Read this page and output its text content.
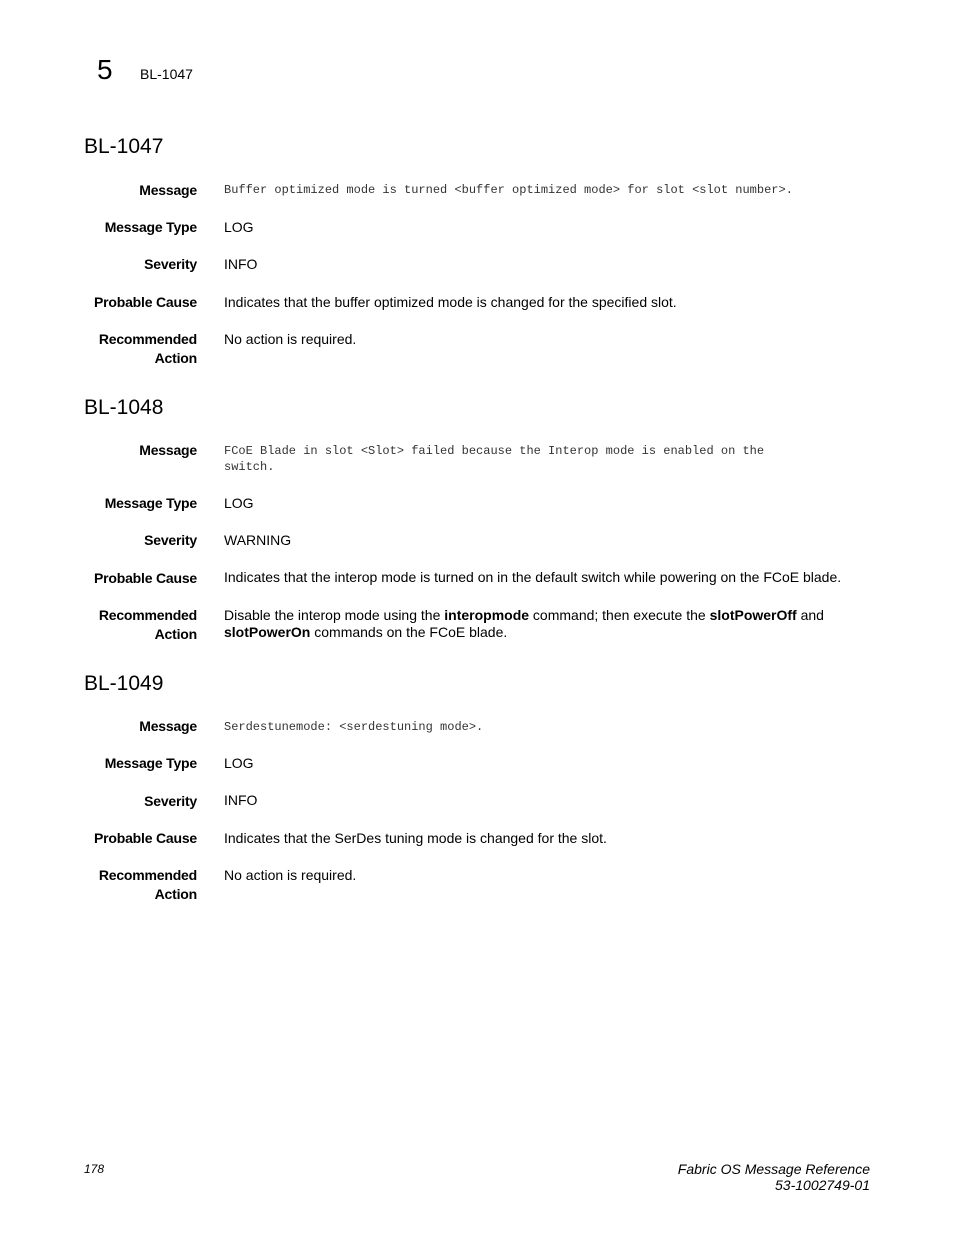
5 BL-1047
BL-1047
Message Buffer optimized mode is turned <buffer optimized mode> for slot <slot number>.
Message Type LOG
Severity INFO
Probable Cause Indicates that the buffer optimized mode is changed for the specified slot.
Recommended
Action
No action is required.
BL-1048
Message FCoE Blade in slot <Slot> failed because the Interop mode is enabled on the
switch.
Message Type LOG
Severity WARNING
Probable Cause Indicates that the interop mode is turned on in the default switch while powering on the FCoE blade.
Recommended
Action
Disable the interop mode using the interopmode command; then execute the slotPowerOff and
slotPowerOn commands on the FCoE blade.
BL-1049
Message Serdestunemode: <serdestuning mode>.
Message Type LOG
Severity INFO
Probable Cause Indicates that the SerDes tuning mode is changed for the slot.
Recommended
Action
No action is required.
178	Fabric OS Message Reference
53-1002749-01
